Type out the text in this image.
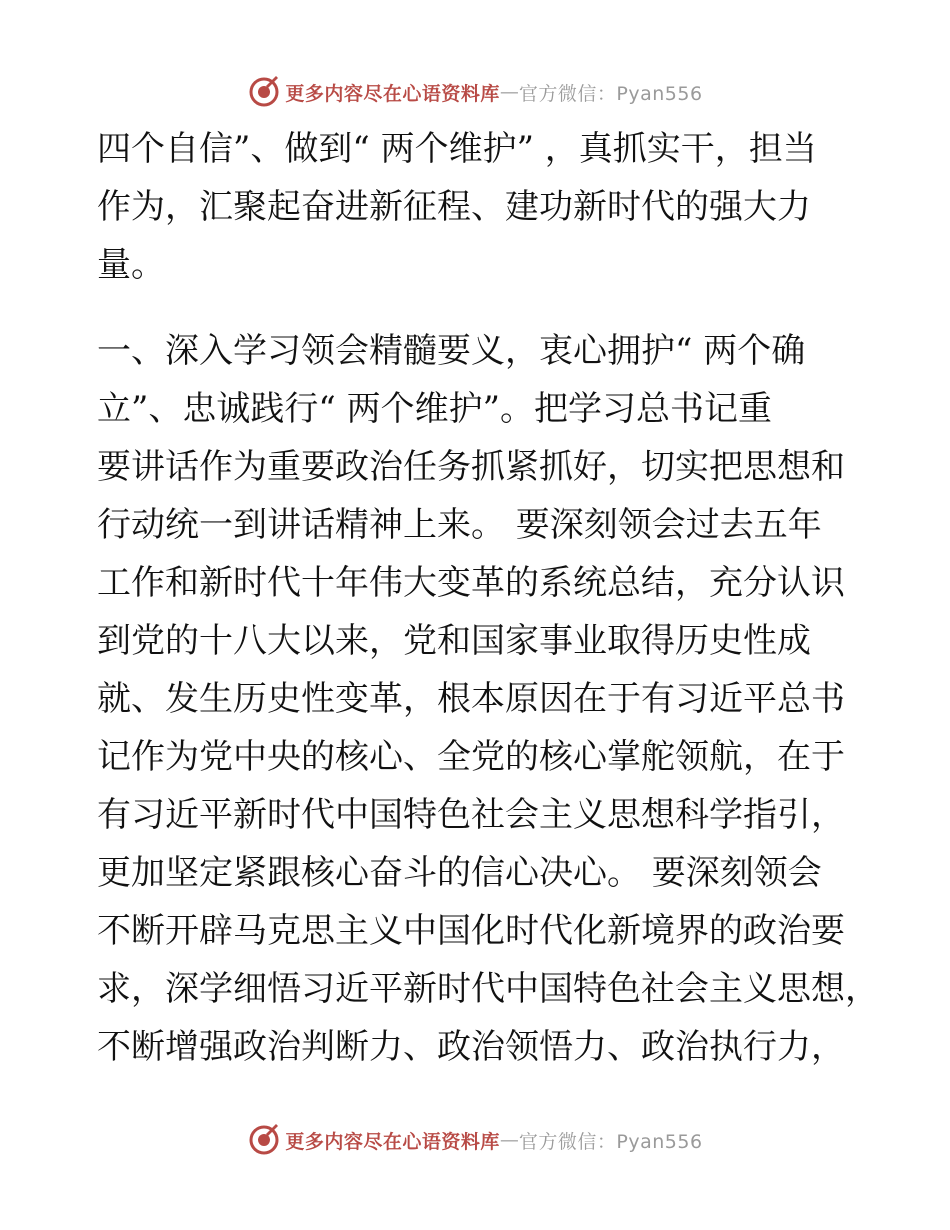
更多内容尽在心语资料库 — 官方微信：Pyan556
四个自信”、做到“ 两个维护” ，真抓实干，担当
作为，汇聚起奋进新征程、建功新时代的强大力
量。
一、深入学习领会精髓要义，衷心拥护“ 两个确
立”、忠诚践行“ 两个维护”。把学习总书记重
要讲话作为重要政治任务抓紧抓好，切实把思想和
行动统一到讲话精神上来。 要深刻领会过去五年
工作和新时代十年伟大变革的系统总结，充分认识
到党的十八大以来，党和国家事业取得历史性成
就、发生历史性变革，根本原因在于有习近平总书
记作为党中央的核心、全党的核心掌舵领航，在于
有习近平新时代中国特色社会主义思想科学指引，
更加坚定紧跟核心奋斗的信心决心。 要深刻领会
不断开辟马克思主义中国化时代化新境界的政治要
求，深学细悟习近平新时代中国特色社会主义思想，
不断增强政治判断力、政治领悟力、政治执行力，
更多内容尽在心语资料库 — 官方微信：Pyan556
